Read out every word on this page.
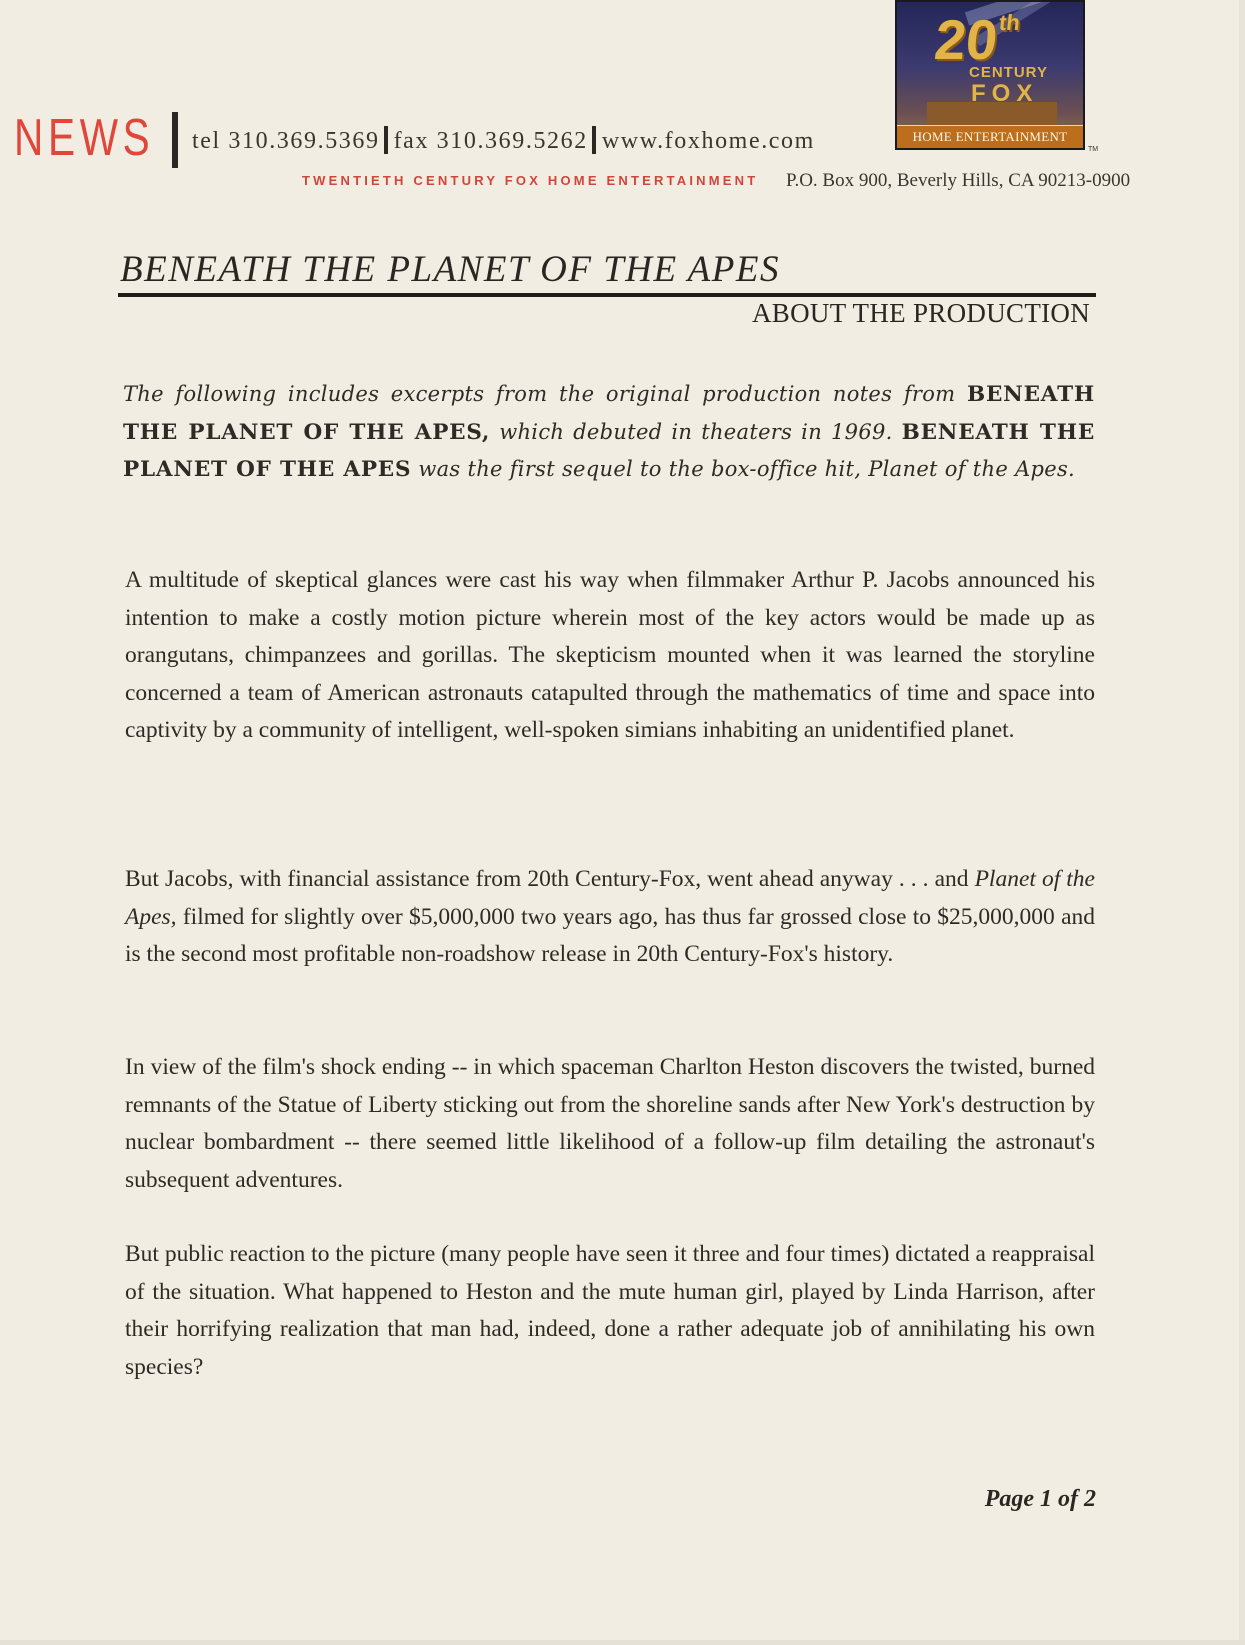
NEWS tel 310.369.5369 fax 310.369.5262 www.foxhome.com
TWENTIETH CENTURY FOX HOME ENTERTAINMENT P.O. Box 900, Beverly Hills, CA 90213-0900
20th
CENTURY
FOX
HOME ENTERTAINMENT
TM
BENEATH THE PLANET OF THE APES
ABOUT THE PRODUCTION
The following includes excerpts from the original production notes from BENEATH THE PLANET OF THE APES, which debuted in theaters in 1969. BENEATH THE PLANET OF THE APES was the first sequel to the box-office hit, Planet of the Apes.
A multitude of skeptical glances were cast his way when filmmaker Arthur P. Jacobs announced his intention to make a costly motion picture wherein most of the key actors would be made up as orangutans, chimpanzees and gorillas. The skepticism mounted when it was learned the storyline concerned a team of American astronauts catapulted through the mathematics of time and space into captivity by a community of intelligent, well-spoken simians inhabiting an unidentified planet.
But Jacobs, with financial assistance from 20th Century-Fox, went ahead anyway . . . and Planet of the Apes, filmed for slightly over $5,000,000 two years ago, has thus far grossed close to $25,000,000 and is the second most profitable non-roadshow release in 20th Century-Fox's history.
In view of the film's shock ending -- in which spaceman Charlton Heston discovers the twisted, burned remnants of the Statue of Liberty sticking out from the shoreline sands after New York's destruction by nuclear bombardment -- there seemed little likelihood of a follow-up film detailing the astronaut's subsequent adventures.
But public reaction to the picture (many people have seen it three and four times) dictated a reappraisal of the situation. What happened to Heston and the mute human girl, played by Linda Harrison, after their horrifying realization that man had, indeed, done a rather adequate job of annihilating his own species?
Page 1 of 2
